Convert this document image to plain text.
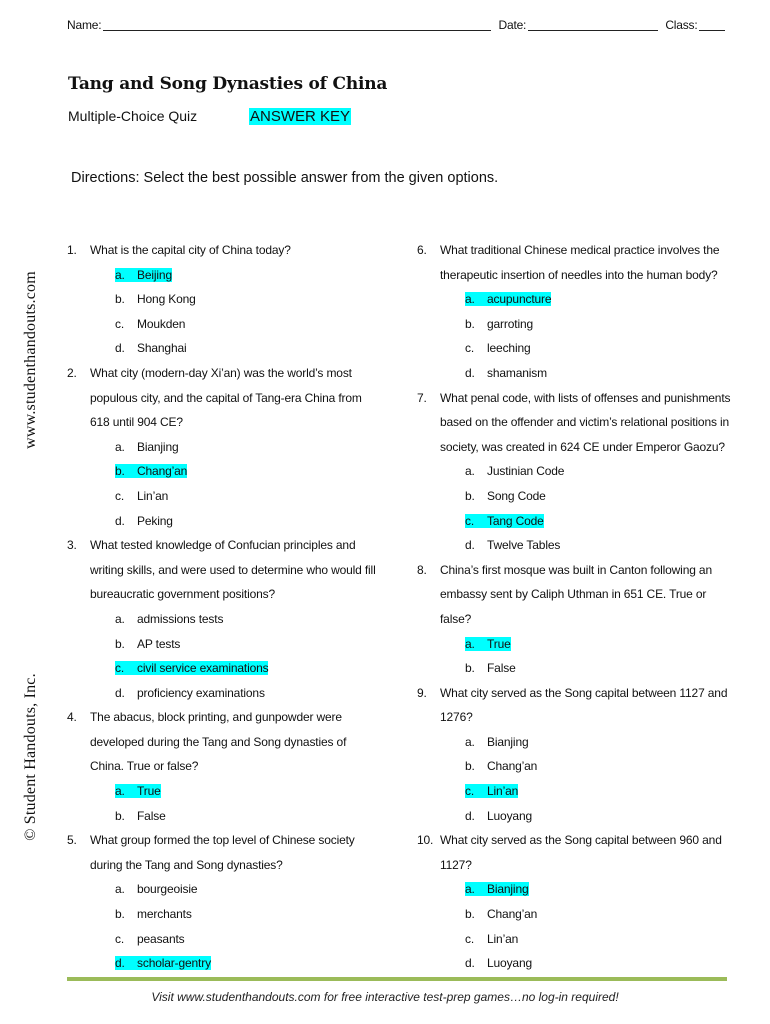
Name:	Date:	Class:
Tang and Song Dynasties of China
Multiple-Choice Quiz	ANSWER KEY
Directions: Select the best possible answer from the given options.
www.studenthandouts.com
© Student Handouts, Inc.
1. What is the capital city of China today?
a. Beijing
b. Hong Kong
c. Moukden
d. Shanghai
2. What city (modern-day Xi’an) was the world’s most
populous city, and the capital of Tang-era China from
618 until 904 CE?
a. Bianjing
b. Chang’an
c. Lin’an
d. Peking
3. What tested knowledge of Confucian principles and
writing skills, and were used to determine who would fill
bureaucratic government positions?
a. admissions tests
b. AP tests
c. civil service examinations
d. proficiency examinations
4. The abacus, block printing, and gunpowder were
developed during the Tang and Song dynasties of
China. True or false?
a. True
b. False
5. What group formed the top level of Chinese society
during the Tang and Song dynasties?
a. bourgeoisie
b. merchants
c. peasants
d. scholar-gentry
6. What traditional Chinese medical practice involves the
therapeutic insertion of needles into the human body?
a. acupuncture
b. garroting
c. leeching
d. shamanism
7. What penal code, with lists of offenses and punishments
based on the offender and victim’s relational positions in
society, was created in 624 CE under Emperor Gaozu?
a. Justinian Code
b. Song Code
c. Tang Code
d. Twelve Tables
8. China’s first mosque was built in Canton following an
embassy sent by Caliph Uthman in 651 CE. True or
false?
a. True
b. False
9. What city served as the Song capital between 1127 and
1276?
a. Bianjing
b. Chang’an
c. Lin’an
d. Luoyang
10. What city served as the Song capital between 960 and
1127?
a. Bianjing
b. Chang’an
c. Lin’an
d. Luoyang
Visit www.studenthandouts.com for free interactive test-prep games…no log-in required!
